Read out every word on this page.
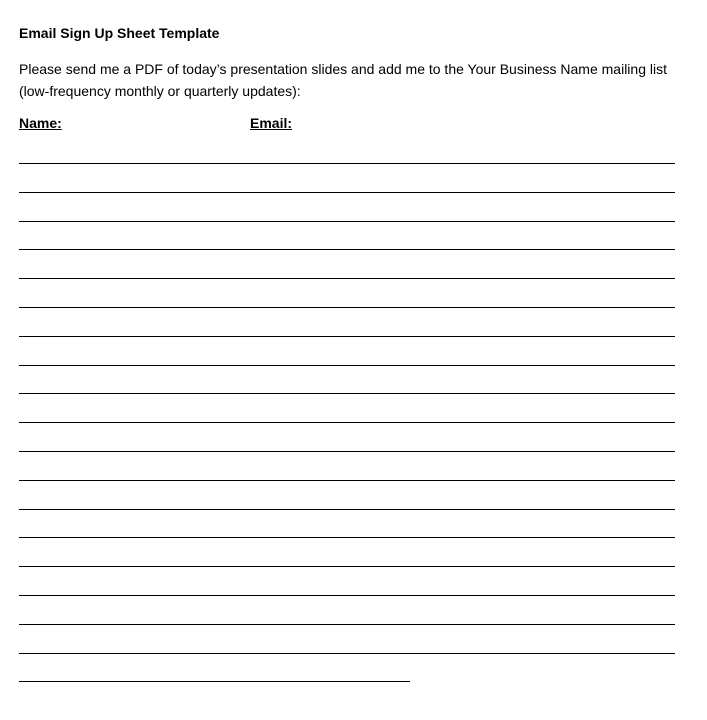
Email Sign Up Sheet Template
Please send me a PDF of today’s presentation slides and add me to the Your Business Name mailing list (low-frequency monthly or quarterly updates):
Name:	Email:
